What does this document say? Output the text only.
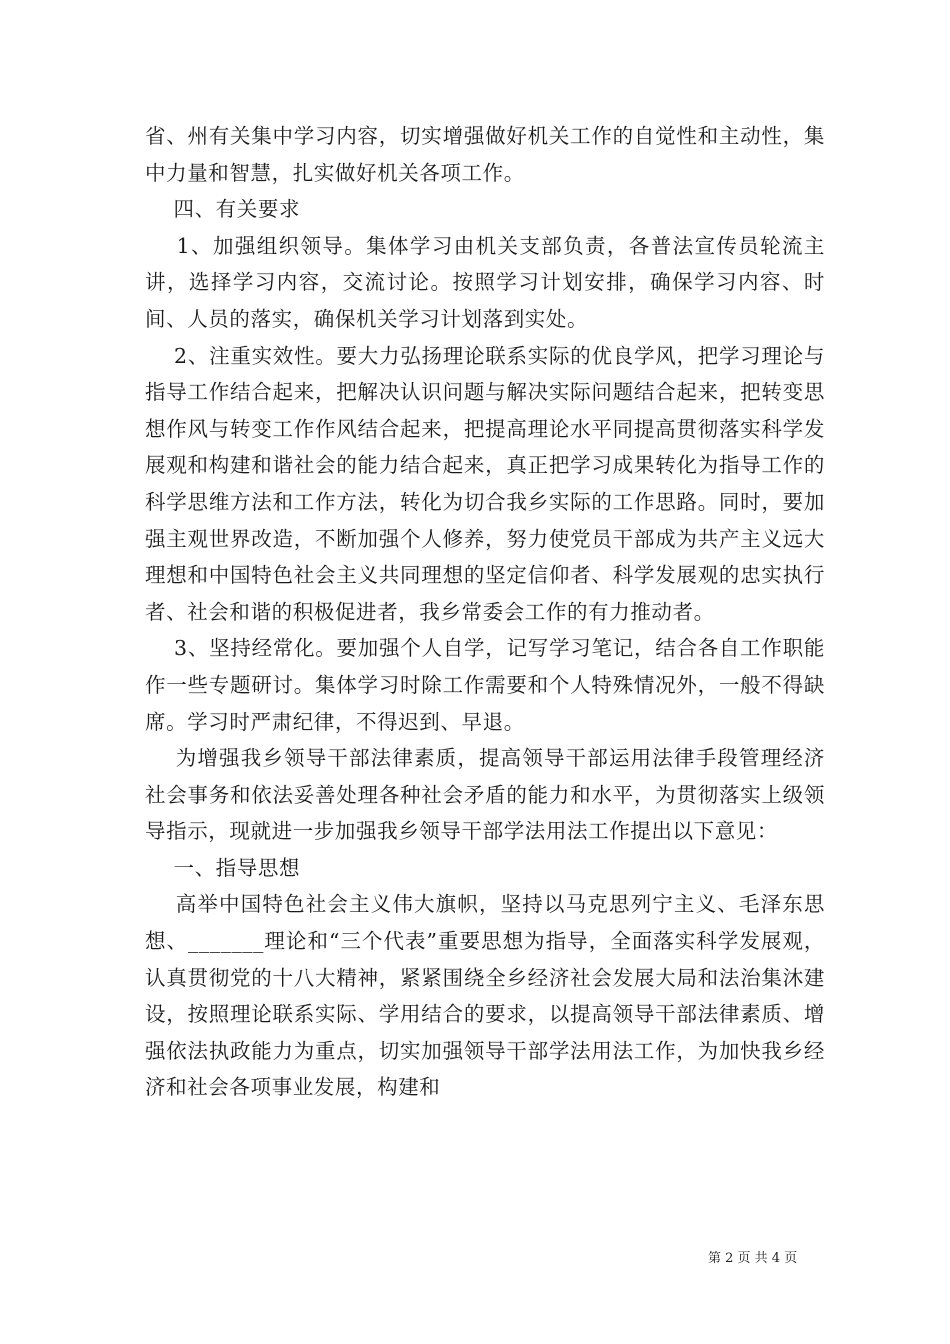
省、州有关集中学习内容，切实增强做好机关工作的自觉性和主动性，集中力量和智慧，扎实做好机关各项工作。

四、有关要求

1、加强组织领导。集体学习由机关支部负责，各普法宣传员轮流主讲，选择学习内容，交流讨论。按照学习计划安排，确保学习内容、时间、人员的落实，确保机关学习计划落到实处。

2、注重实效性。要大力弘扬理论联系实际的优良学风，把学习理论与指导工作结合起来，把解决认识问题与解决实际问题结合起来，把转变思想作风与转变工作作风结合起来，把提高理论水平同提高贯彻落实科学发展观和构建和谐社会的能力结合起来，真正把学习成果转化为指导工作的科学思维方法和工作方法，转化为切合我乡实际的工作思路。同时，要加强主观世界改造，不断加强个人修养，努力使党员干部成为共产主义远大理想和中国特色社会主义共同理想的坚定信仰者、科学发展观的忠实执行者、社会和谐的积极促进者，我乡常委会工作的有力推动者。

3、坚持经常化。要加强个人自学，记写学习笔记，结合各自工作职能作一些专题研讨。集体学习时除工作需要和个人特殊情况外，一般不得缺席。学习时严肃纪律，不得迟到、早退。

为增强我乡领导干部法律素质，提高领导干部运用法律手段管理经济社会事务和依法妥善处理各种社会矛盾的能力和水平，为贯彻落实上级领导指示，现就进一步加强我乡领导干部学法用法工作提出以下意见：

一、指导思想

高举中国特色社会主义伟大旗帜，坚持以马克思列宁主义、毛泽东思想、_______理论和“三个代表”重要思想为指导，全面落实科学发展观，认真贯彻党的十八大精神，紧紧围绕全乡经济社会发展大局和法治集沐建设，按照理论联系实际、学用结合的要求，以提高领导干部法律素质、增强依法执政能力为重点，切实加强领导干部学法用法工作，为加快我乡经济和社会各项事业发展，构建和

第 2 页 共 4 页
